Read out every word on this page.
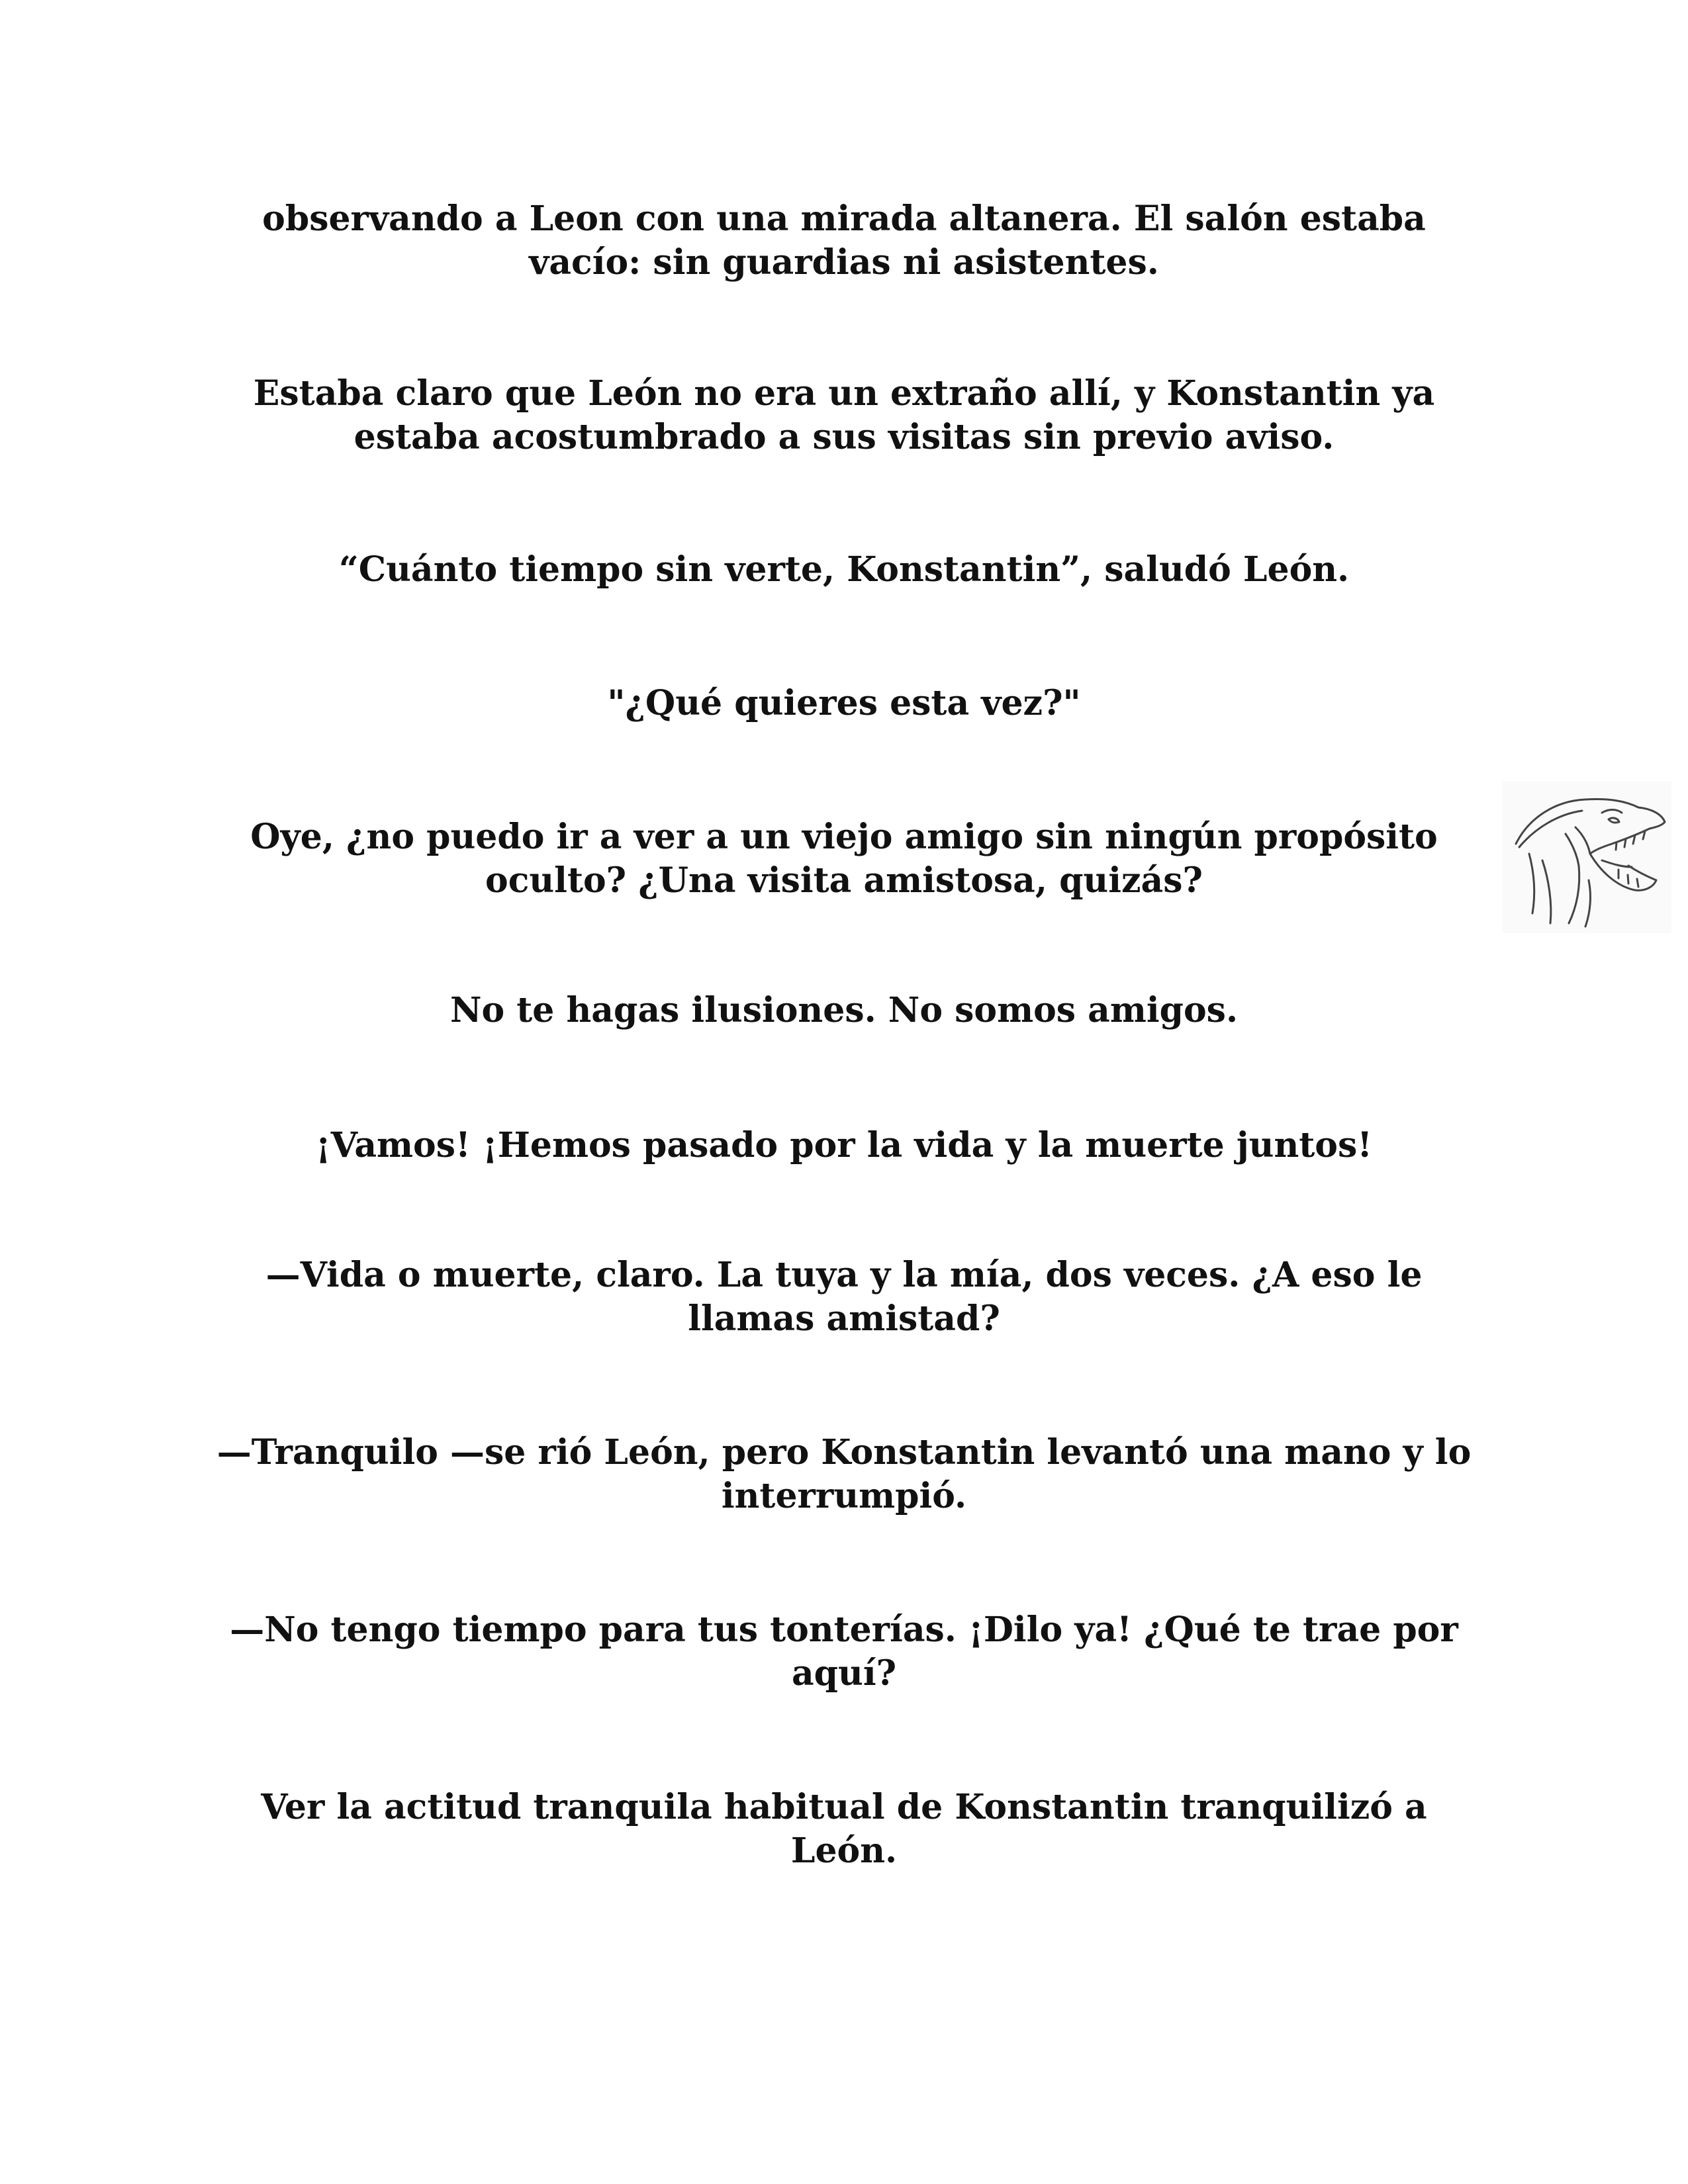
observando a Leon con una mirada altanera. El salón estaba vacío: sin guardias ni asistentes.

Estaba claro que León no era un extraño allí, y Konstantin ya estaba acostumbrado a sus visitas sin previo aviso.

“Cuánto tiempo sin verte, Konstantin”, saludó León.

"¿Qué quieres esta vez?"

Oye, ¿no puedo ir a ver a un viejo amigo sin ningún propósito oculto? ¿Una visita amistosa, quizás?

No te hagas ilusiones. No somos amigos.

¡Vamos! ¡Hemos pasado por la vida y la muerte juntos!

—Vida o muerte, claro. La tuya y la mía, dos veces. ¿A eso le llamas amistad?

—Tranquilo —se rió León, pero Konstantin levantó una mano y lo interrumpió.

—No tengo tiempo para tus tonterías. ¡Dilo ya! ¿Qué te trae por aquí?

Ver la actitud tranquila habitual de Konstantin tranquilizó a León.
